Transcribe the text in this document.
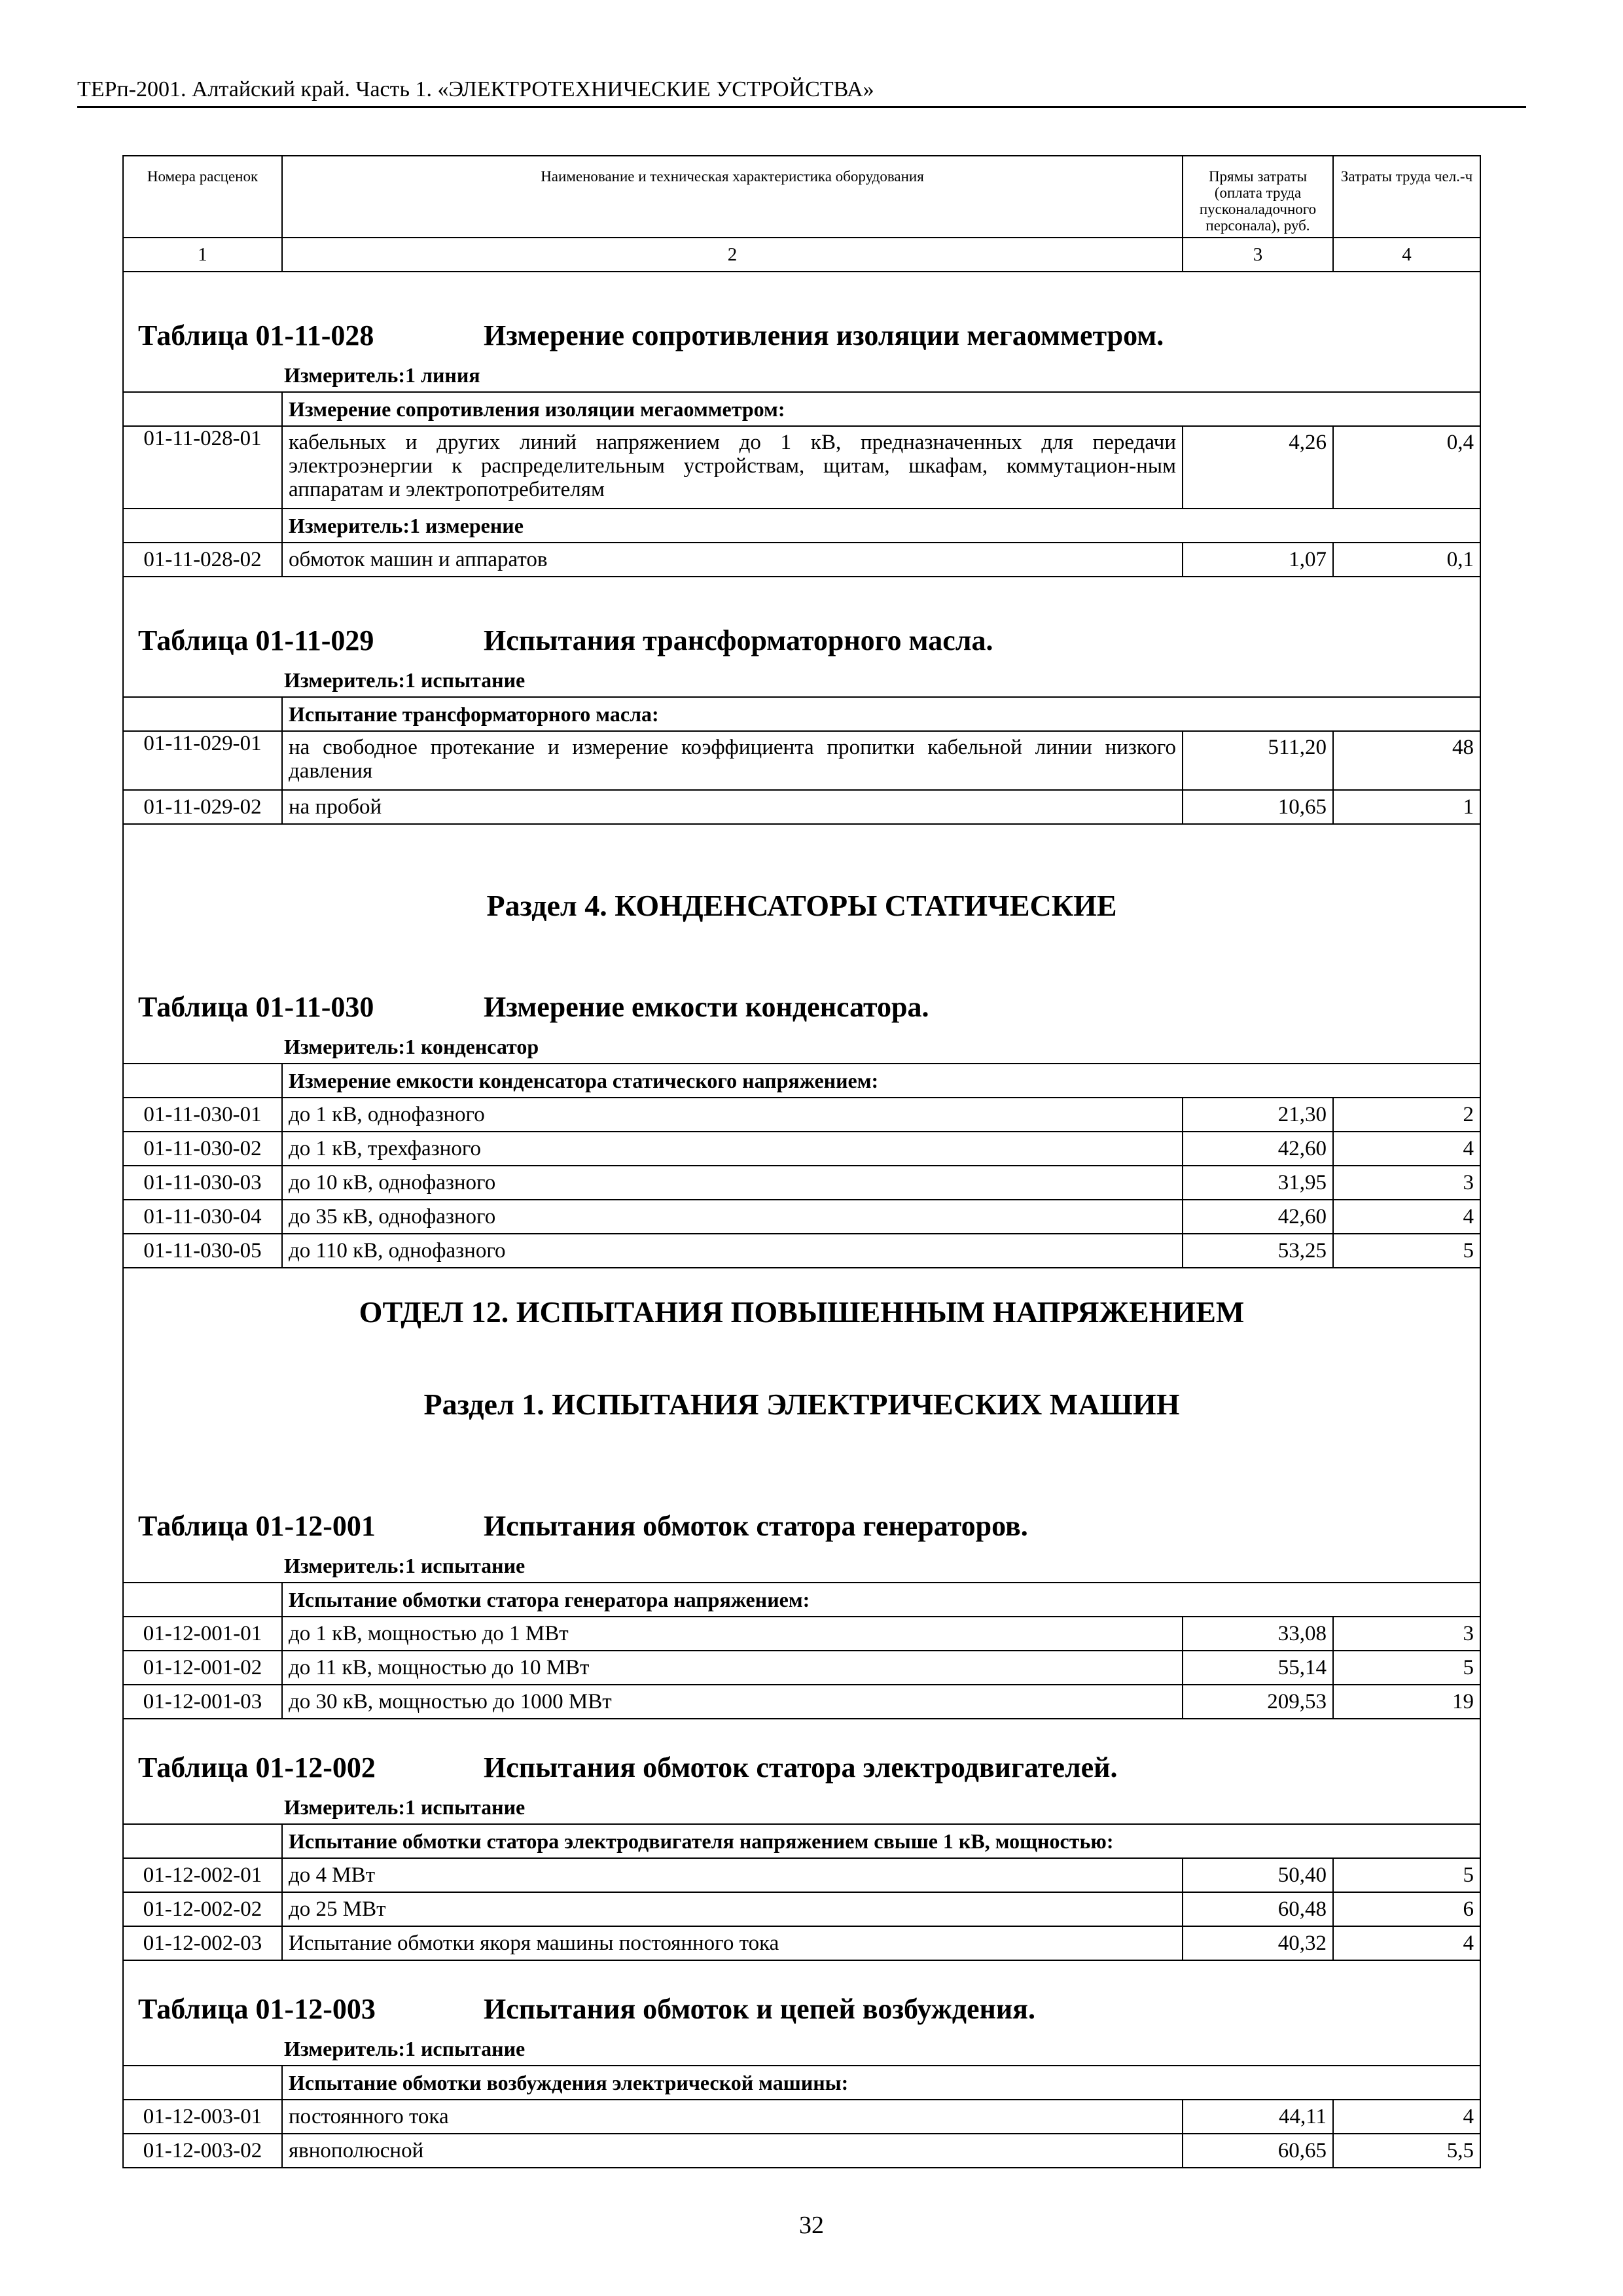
ТЕРп-2001. Алтайский край. Часть 1. «ЭЛЕКТРОТЕХНИЧЕСКИЕ УСТРОЙСТВА»
Номера расценок	Наименование и техническая характеристика оборудования	Прямы затраты (оплата труда пусконаладочного персонала), руб.	Затраты труда чел.-ч
1	2	3	4

Таблица 01-11-028 Измерение сопротивления изоляции мегаомметром.			

Измеритель:1 линия			
	Измерение сопротивления изоляции мегаомметром:		
01-11-028-01	кабельных и других линий напряжением до 1 кВ, предназначенных для передачи электроэнергии к распределительным устройствам, щитам, шкафам, коммутацион-ным аппаратам и электропотребителям	4,26	0,4
	Измеритель:1 измерение		
01-11-028-02	обмоток машин и аппаратов	1,07	0,1

Таблица 01-11-029 Испытания трансформаторного масла.			

Измеритель:1 испытание			
	Испытание трансформаторного масла:		
01-11-029-01	на свободное протекание и измерение коэффициента пропитки кабельной линии низкого давления	511,20	48
01-11-029-02	на пробой	10,65	1

Раздел 4. КОНДЕНСАТОРЫ СТАТИЧЕСКИЕ			

Таблица 01-11-030 Измерение емкости конденсатора.			

Измеритель:1 конденсатор			
	Измерение емкости конденсатора статического напряжением:		
01-11-030-01	до 1 кВ, однофазного	21,30	2
01-11-030-02	до 1 кВ, трехфазного	42,60	4
01-11-030-03	до 10 кВ, однофазного	31,95	3
01-11-030-04	до 35 кВ, однофазного	42,60	4
01-11-030-05	до 110 кВ, однофазного	53,25	5

ОТДЕЛ 12. ИСПЫТАНИЯ ПОВЫШЕННЫМ НАПРЯЖЕНИЕМ
Раздел 1. ИСПЫТАНИЯ ЭЛЕКТРИЧЕСКИХ МАШИН			

Таблица 01-12-001 Испытания обмоток статора генераторов.			

Измеритель:1 испытание			
	Испытание обмотки статора генератора напряжением:		
01-12-001-01	до 1 кВ, мощностью до 1 МВт	33,08	3
01-12-001-02	до 11 кВ, мощностью до 10 МВт	55,14	5
01-12-001-03	до 30 кВ, мощностью до 1000 МВт	209,53	19

Таблица 01-12-002 Испытания обмоток статора электродвигателей.			

Измеритель:1 испытание			
	Испытание обмотки статора электродвигателя напряжением свыше 1 кВ, мощностью:		
01-12-002-01	до 4 МВт	50,40	5
01-12-002-02	до 25 МВт	60,48	6
01-12-002-03	Испытание обмотки якоря машины постоянного тока	40,32	4

Таблица 01-12-003 Испытания обмоток и цепей возбуждения.			

Измеритель:1 испытание			
	Испытание обмотки возбуждения электрической машины:		
01-12-003-01	постоянного тока	44,11	4
01-12-003-02	явнополюсной	60,65	5,5
32
